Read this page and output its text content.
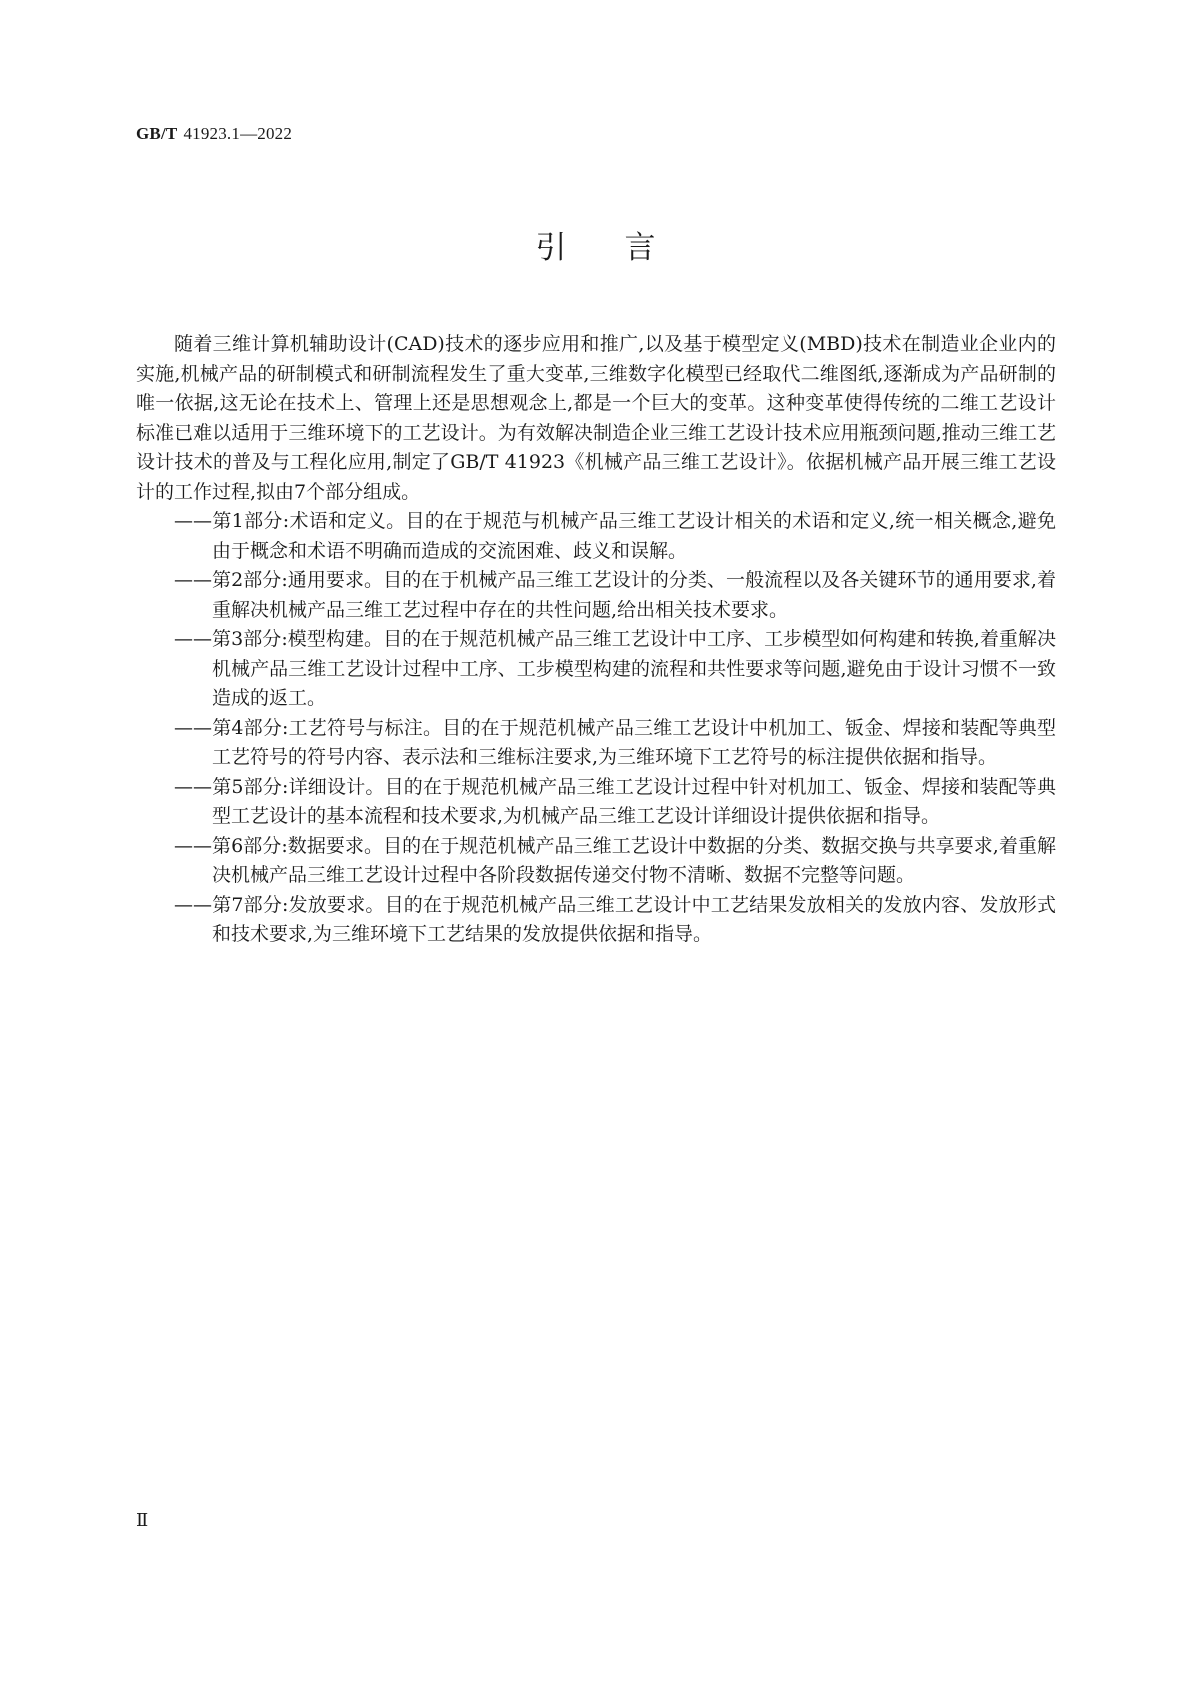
GB/T 41923.1—2022
引言

随着三维计算机辅助设计(CAD)技术的逐步应用和推广,以及基于模型定义(MBD)技术在制造业企业内的实施,机械产品的研制模式和研制流程发生了重大变革,三维数字化模型已经取代二维图纸,逐渐成为产品研制的唯一依据,这无论在技术上、管理上还是思想观念上,都是一个巨大的变革。这种变革使得传统的二维工艺设计标准已难以适用于三维环境下的工艺设计。为有效解决制造企业三维工艺设计技术应用瓶颈问题,推动三维工艺设计技术的普及与工程化应用,制定了GB/T 41923《机械产品三维工艺设计》。依据机械产品开展三维工艺设计的工作过程,拟由7个部分组成。

——第1部分:术语和定义。目的在于规范与机械产品三维工艺设计相关的术语和定义,统一相关概念,避免由于概念和术语不明确而造成的交流困难、歧义和误解。
——第2部分:通用要求。目的在于机械产品三维工艺设计的分类、一般流程以及各关键环节的通用要求,着重解决机械产品三维工艺过程中存在的共性问题,给出相关技术要求。
——第3部分:模型构建。目的在于规范机械产品三维工艺设计中工序、工步模型如何构建和转换,着重解决机械产品三维工艺设计过程中工序、工步模型构建的流程和共性要求等问题,避免由于设计习惯不一致造成的返工。
——第4部分:工艺符号与标注。目的在于规范机械产品三维工艺设计中机加工、钣金、焊接和装配等典型工艺符号的符号内容、表示法和三维标注要求,为三维环境下工艺符号的标注提供依据和指导。
——第5部分:详细设计。目的在于规范机械产品三维工艺设计过程中针对机加工、钣金、焊接和装配等典型工艺设计的基本流程和技术要求,为机械产品三维工艺设计详细设计提供依据和指导。
——第6部分:数据要求。目的在于规范机械产品三维工艺设计中数据的分类、数据交换与共享要求,着重解决机械产品三维工艺设计过程中各阶段数据传递交付物不清晰、数据不完整等问题。
——第7部分:发放要求。目的在于规范机械产品三维工艺设计中工艺结果发放相关的发放内容、发放形式和技术要求,为三维环境下工艺结果的发放提供依据和指导。
Ⅱ
